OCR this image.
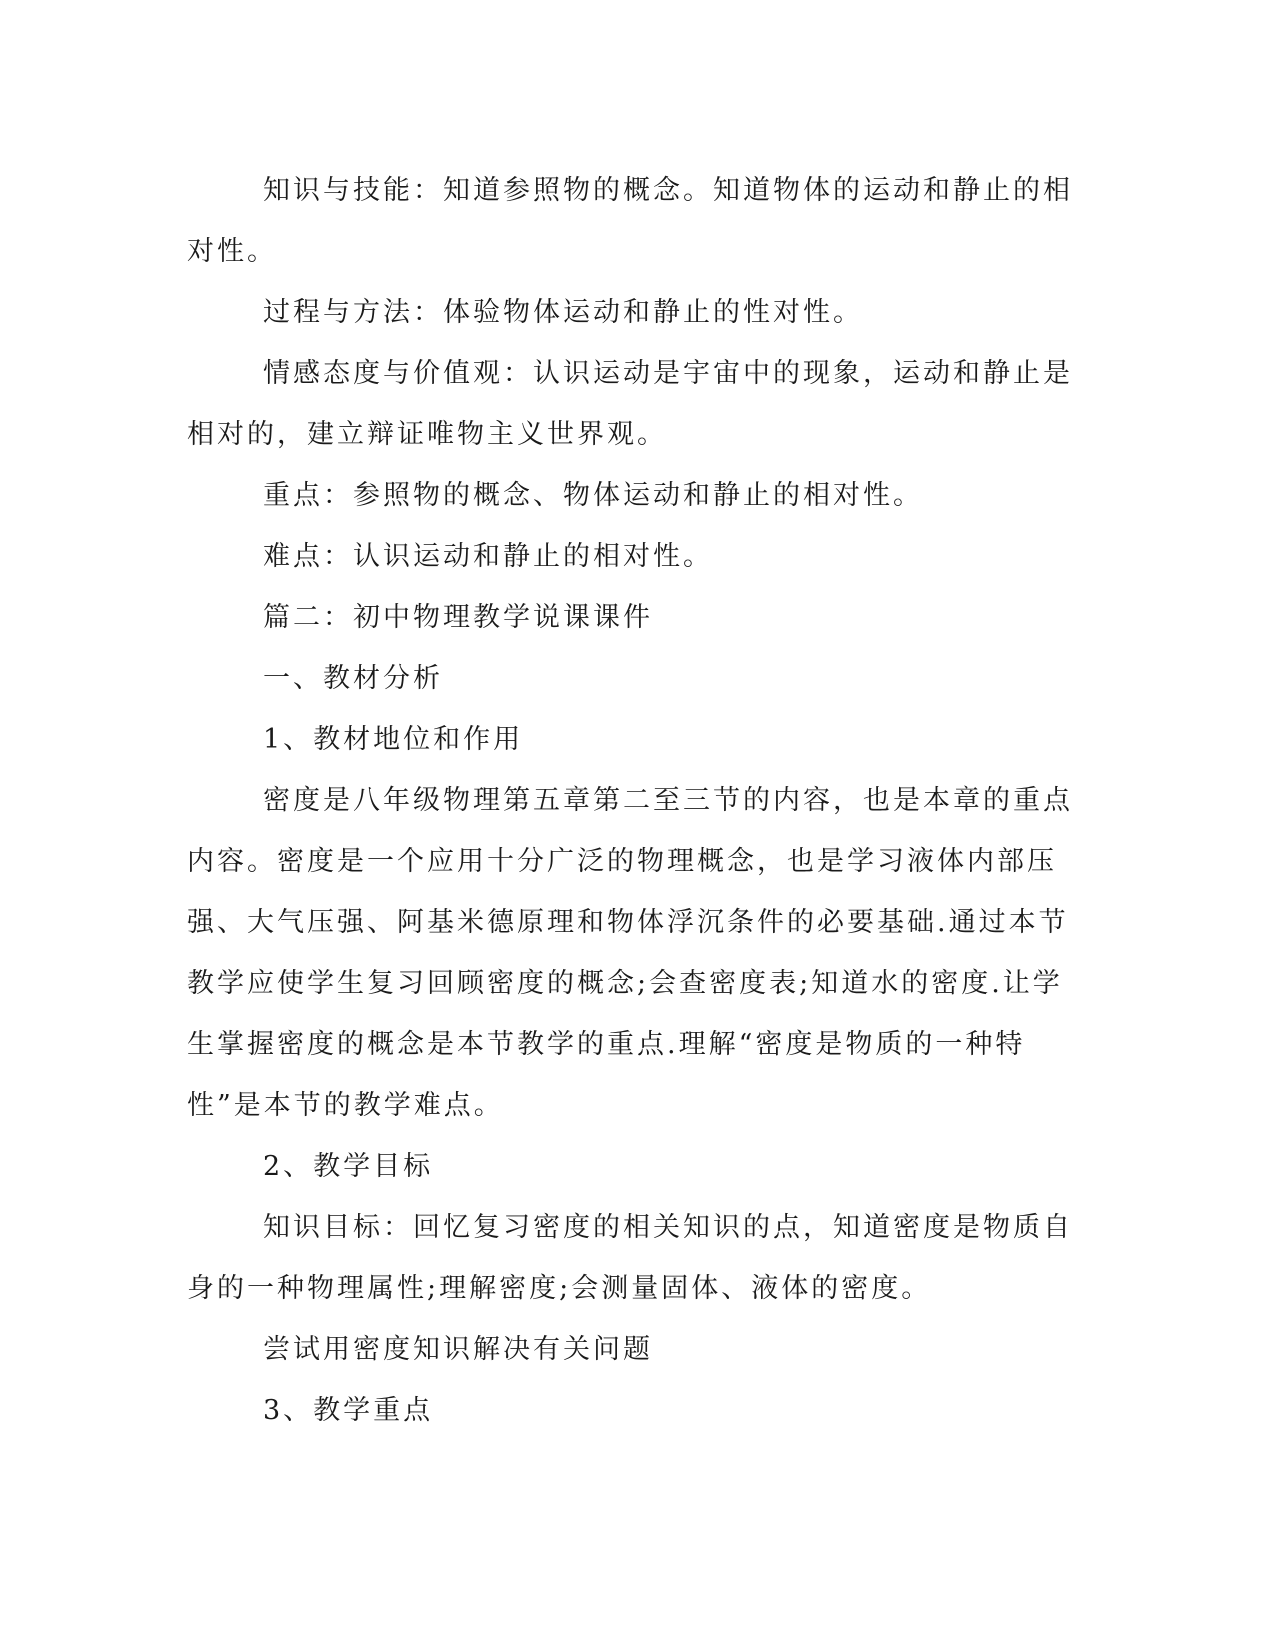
知识与技能：知道参照物的概念。知道物体的运动和静止的相对性。

过程与方法：体验物体运动和静止的性对性。

情感态度与价值观：认识运动是宇宙中的现象，运动和静止是相对的，建立辩证唯物主义世界观。

重点：参照物的概念、物体运动和静止的相对性。

难点：认识运动和静止的相对性。

篇二：初中物理教学说课课件

一、教材分析

1、教材地位和作用

密度是八年级物理第五章第二至三节的内容，也是本章的重点内容。密度是一个应用十分广泛的物理概念，也是学习液体内部压强、大气压强、阿基米德原理和物体浮沉条件的必要基础.通过本节教学应使学生复习回顾密度的概念;会查密度表;知道水的密度.让学生掌握密度的概念是本节教学的重点.理解“密度是物质的一种特性”是本节的教学难点。

2、教学目标

知识目标：回忆复习密度的相关知识的点，知道密度是物质自身的一种物理属性;理解密度;会测量固体、液体的密度。

尝试用密度知识解决有关问题

3、教学重点
